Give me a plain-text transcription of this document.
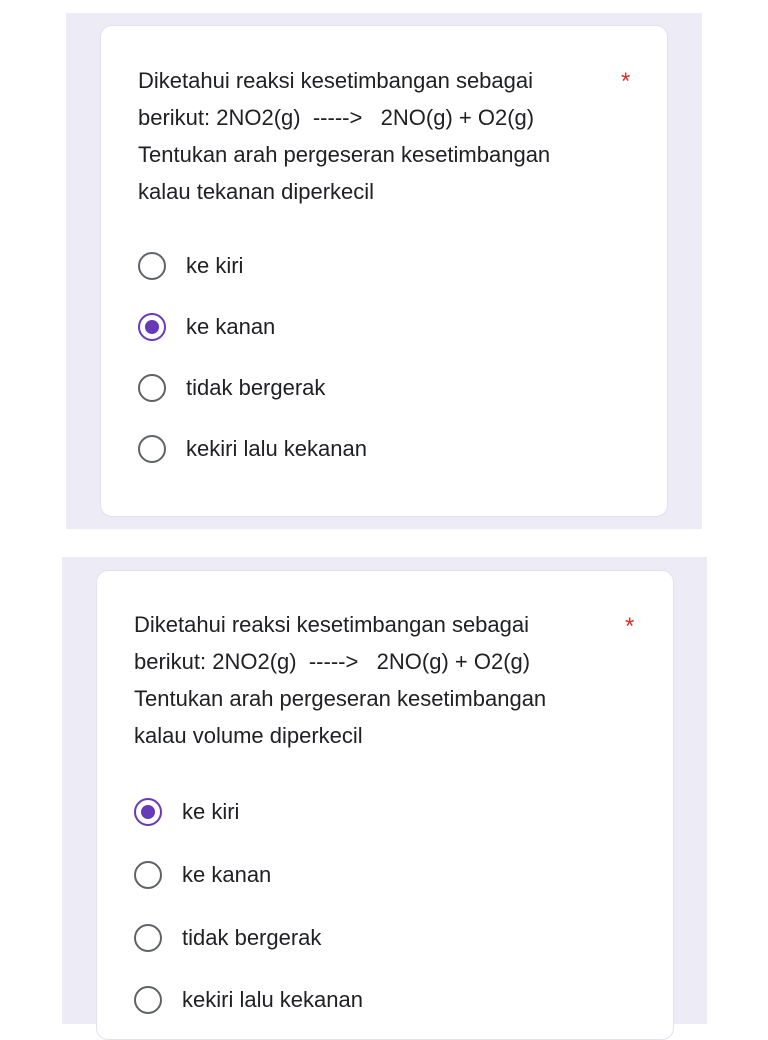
Diketahui reaksi kesetimbangan sebagai
berikut: 2NO2(g)  ----->   2NO(g) + O2(g)
Tentukan arah pergeseran kesetimbangan
kalau tekanan diperkecil
*
ke kiri
ke kanan
tidak bergerak
kekiri lalu kekanan
Diketahui reaksi kesetimbangan sebagai
berikut: 2NO2(g)  ----->   2NO(g) + O2(g)
Tentukan arah pergeseran kesetimbangan
kalau volume diperkecil
*
ke kiri
ke kanan
tidak bergerak
kekiri lalu kekanan
